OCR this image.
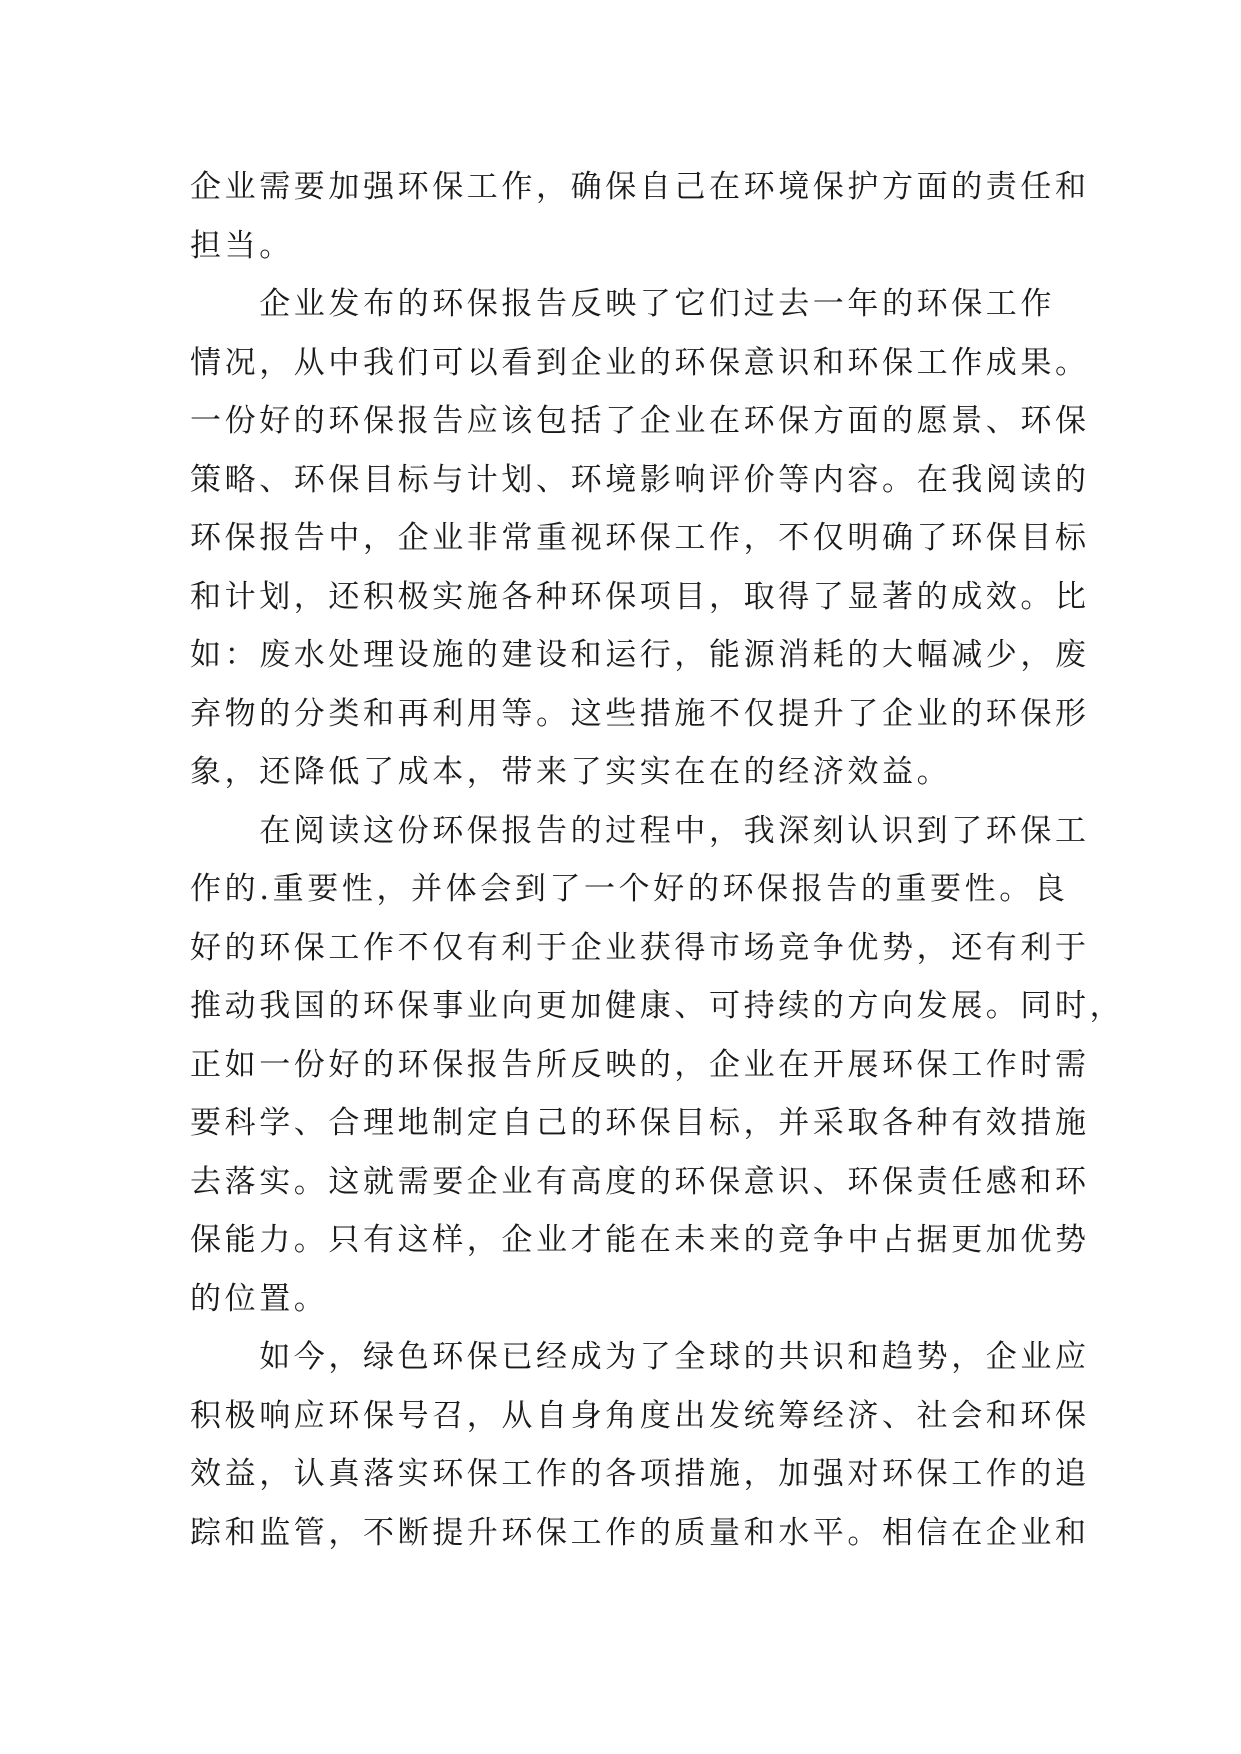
企业需要加强环保工作，确保自己在环境保护方面的责任和
担当。
　　企业发布的环保报告反映了它们过去一年的环保工作
情况，从中我们可以看到企业的环保意识和环保工作成果。
一份好的环保报告应该包括了企业在环保方面的愿景、环保
策略、环保目标与计划、环境影响评价等内容。在我阅读的
环保报告中，企业非常重视环保工作，不仅明确了环保目标
和计划，还积极实施各种环保项目，取得了显著的成效。比
如：废水处理设施的建设和运行，能源消耗的大幅减少，废
弃物的分类和再利用等。这些措施不仅提升了企业的环保形
象，还降低了成本，带来了实实在在的经济效益。
　　在阅读这份环保报告的过程中，我深刻认识到了环保工
作的.重要性，并体会到了一个好的环保报告的重要性。良
好的环保工作不仅有利于企业获得市场竞争优势，还有利于
推动我国的环保事业向更加健康、可持续的方向发展。同时，
正如一份好的环保报告所反映的，企业在开展环保工作时需
要科学、合理地制定自己的环保目标，并采取各种有效措施
去落实。这就需要企业有高度的环保意识、环保责任感和环
保能力。只有这样，企业才能在未来的竞争中占据更加优势
的位置。
　　如今，绿色环保已经成为了全球的共识和趋势，企业应
积极响应环保号召，从自身角度出发统筹经济、社会和环保
效益，认真落实环保工作的各项措施，加强对环保工作的追
踪和监管，不断提升环保工作的质量和水平。相信在企业和
